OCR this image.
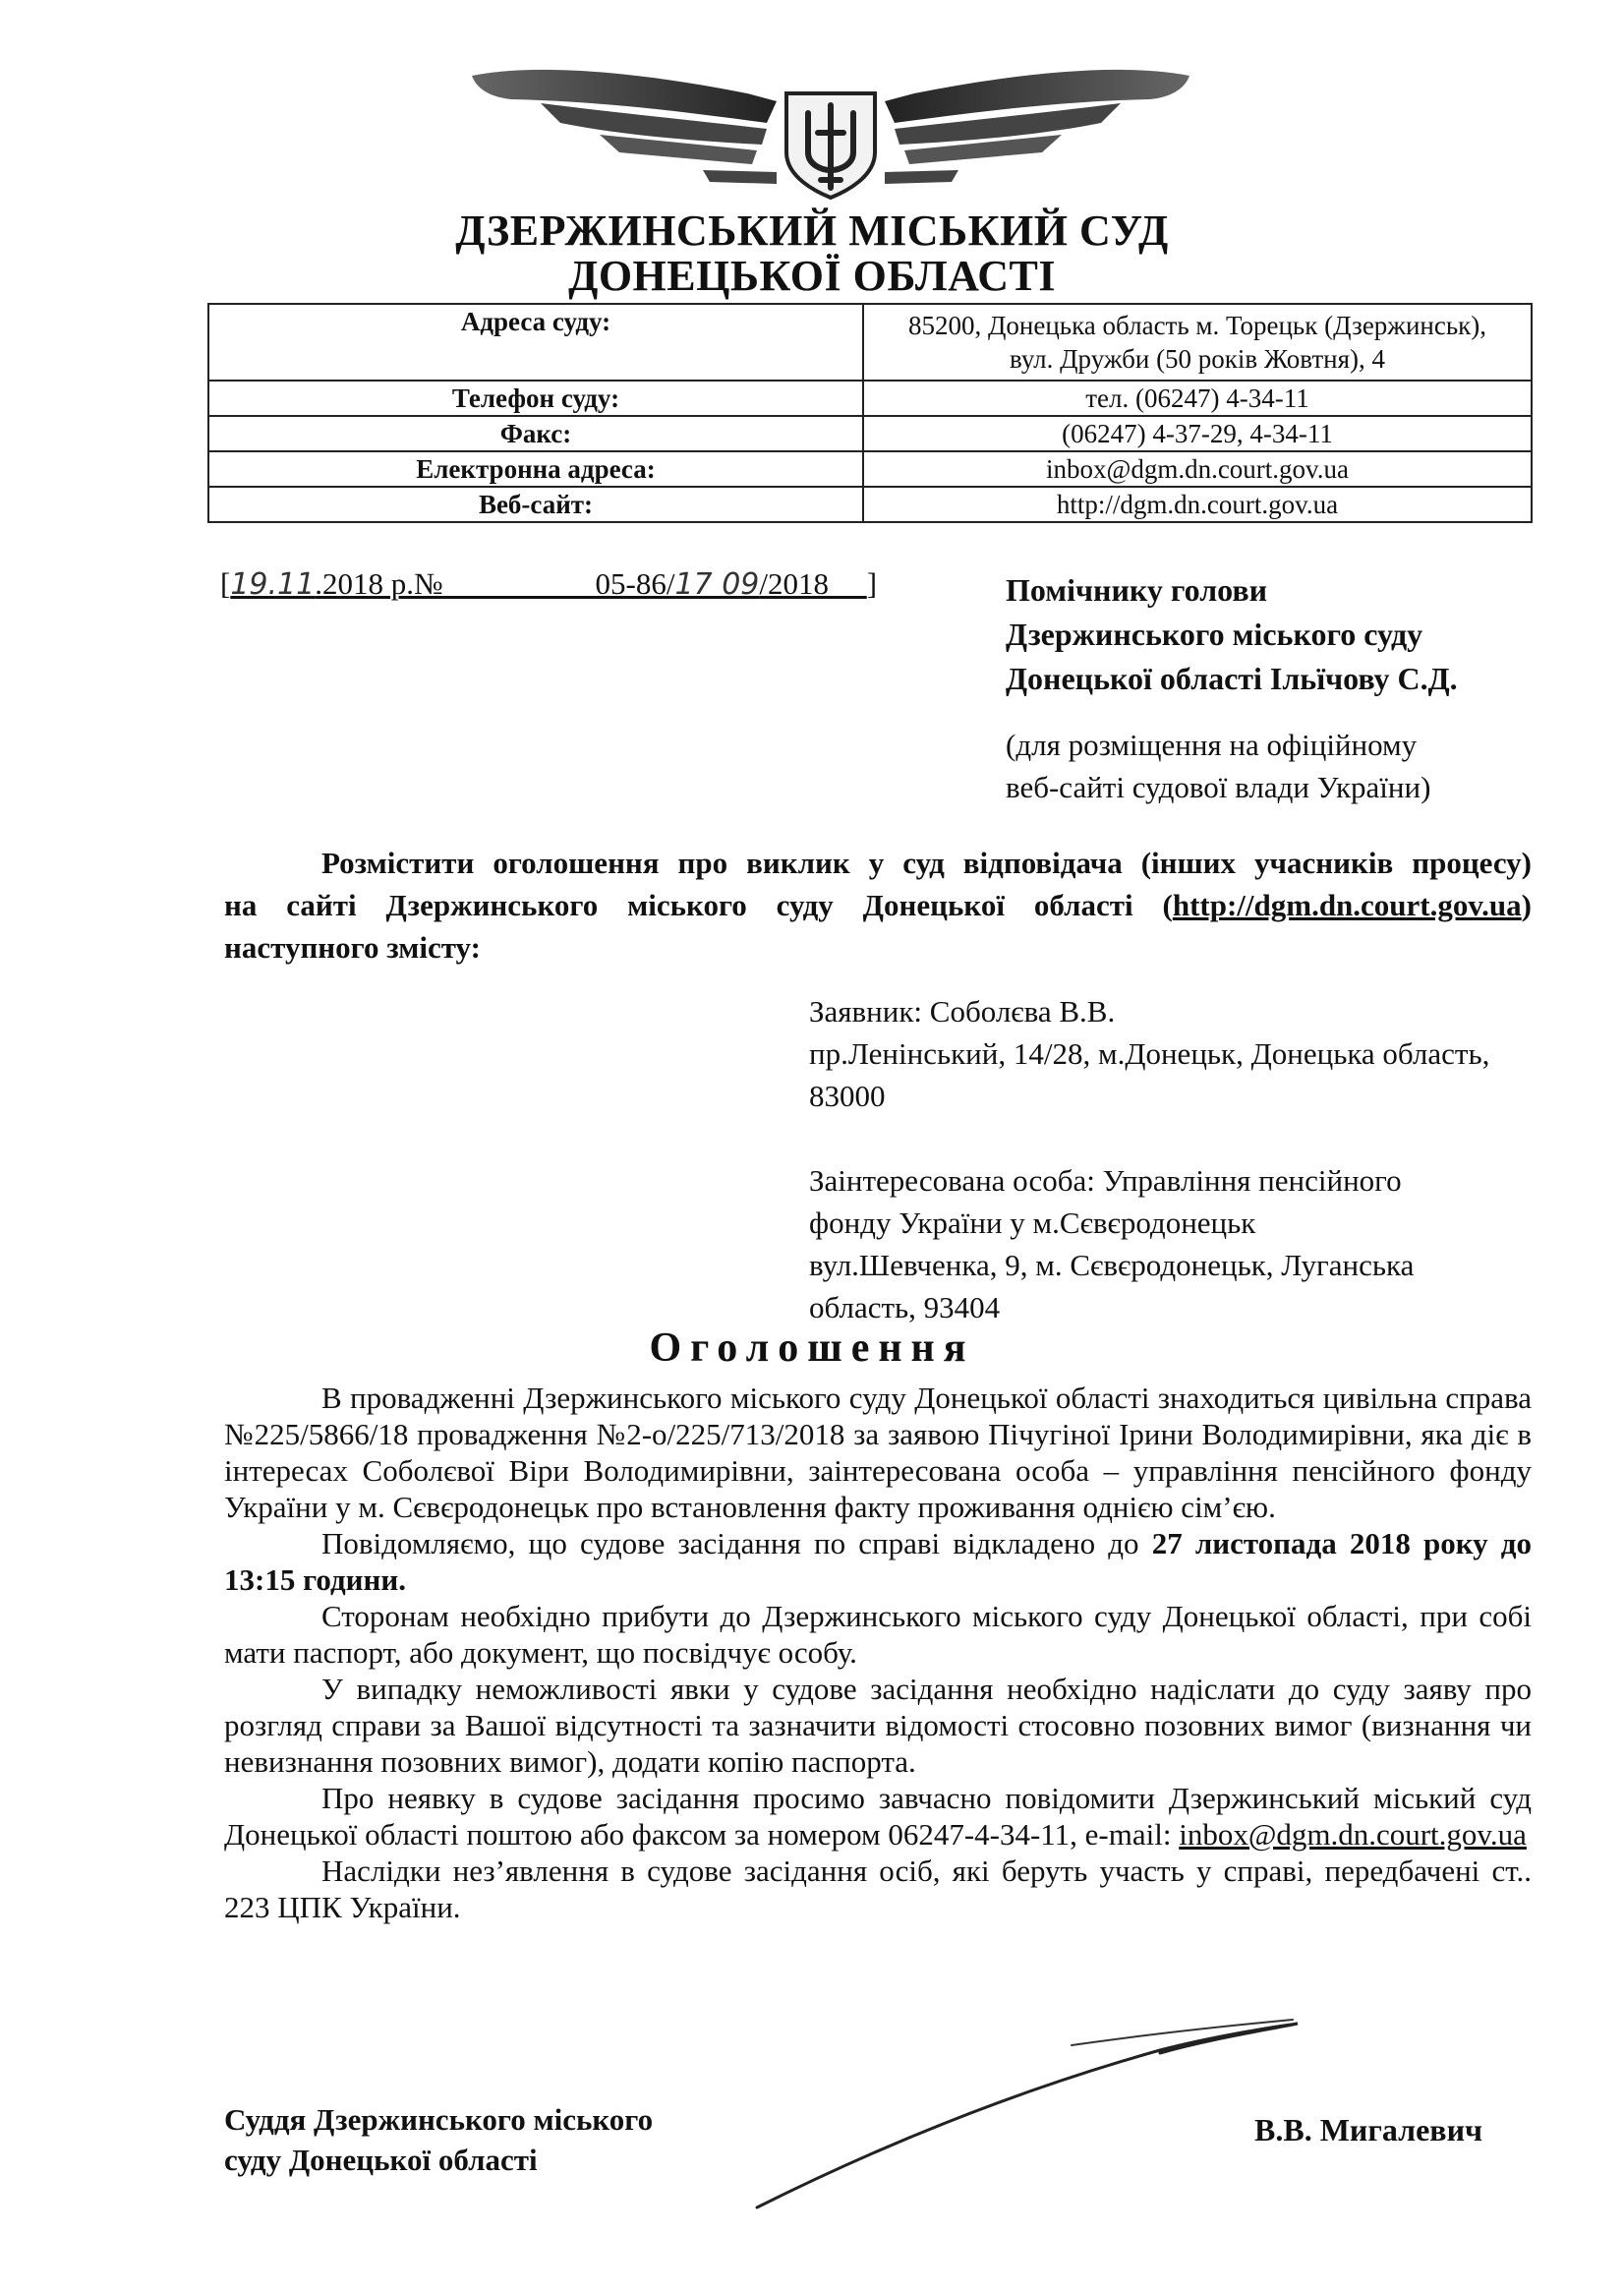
ДЗЕРЖИНСЬКИЙ МІСЬКИЙ СУД
ДОНЕЦЬКОЇ ОБЛАСТІ
Адреса суду:	85200, Донецька область м. Торецьк (Дзержинськ),
вул. Дружби (50 років Жовтня), 4

Телефон суду:	тел. (06247) 4-34-11
Факс:	(06247) 4-37-29, 4-34-11
Електронна адреса:	inbox@dgm.dn.court.gov.ua
Веб-сайт:	http://dgm.dn.court.gov.ua
[19.11.2018 р.№	05-86/17 09/2018 ]	Помічнику голови
Дзержинського міського суду
Донецької області Ільїчову С.Д.
(для розміщення на офіційному
веб-сайті судової влади України)
Розмістити оголошення про виклик у суд відповідача (інших учасників процесу)
на сайті Дзержинського міського суду Донецької області (http://dgm.dn.court.gov.ua)
наступного змісту:
Заявник: Соболєва В.В.
пр.Ленінський, 14/28, м.Донецьк, Донецька область,
83000
Заінтересована особа: Управління пенсійного
фонду України у м.Сєвєродонецьк
вул.Шевченка, 9, м. Сєвєродонецьк, Луганська
область, 93404
Оголошення

В провадженні Дзержинського міського суду Донецької області знаходиться цивільна справа №225/5866/18 провадження №2-о/225/713/2018 за заявою Пічугіної Ірини Володимирівни, яка діє в інтересах Соболєвої Віри Володимирівни, заінтересована особа – управління пенсійного фонду України у м. Сєвєродонецьк про встановлення факту проживання однією сім’єю.

Повідомляємо, що судове засідання по справі відкладено до 27 листопада 2018 року до 13:15 години.

Сторонам необхідно прибути до Дзержинського міського суду Донецької області, при собі мати паспорт, або документ, що посвідчує особу.

У випадку неможливості явки у судове засідання необхідно надіслати до суду заяву про розгляд справи за Вашої відсутності та зазначити відомості стосовно позовних вимог (визнання чи невизнання позовних вимог), додати копію паспорта.

Про неявку в судове засідання просимо завчасно повідомити Дзержинський міський суд Донецької області поштою або факсом за номером 06247-4-34-11, e-mail: inbox@dgm.dn.court.gov.ua

Наслідки нез’явлення в судове засідання осіб, які беруть участь у справі, передбачені ст.. 223 ЦПК України.

Суддя Дзержинського міського
суду Донецької області
В.В. Мигалевич
